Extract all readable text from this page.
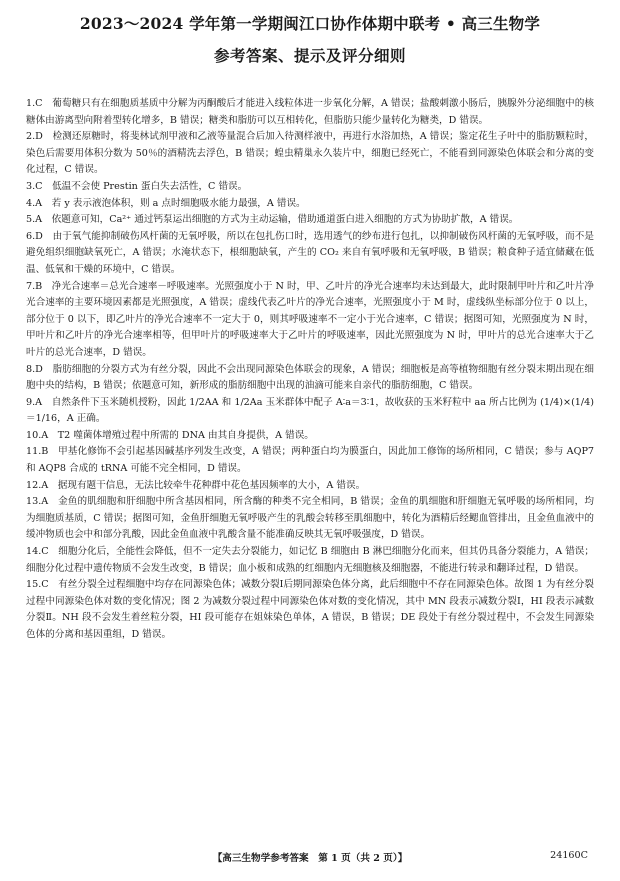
2023～2024 学年第一学期闽江口协作体期中联考 • 高三生物学
参考答案、提示及评分细则

1.C　葡萄糖只有在细胞质基质中分解为丙酮酸后才能进入线粒体进一步氧化分解，A 错误；盐酸刺激小肠后，胰腺外分泌细胞中的核糖体由游离型向附着型转化增多，B 错误；糖类和脂肪可以互相转化，但脂肪只能少量转化为糖类，D 错误。

2.D　检测还原糖时，将斐林试剂甲液和乙液等量混合后加入待测样液中，再进行水浴加热，A 错误；鉴定花生子叶中的脂肪颗粒时，染色后需要用体积分数为 50％的酒精洗去浮色，B 错误；蝗虫精巢永久装片中，细胞已经死亡，不能看到同源染色体联会和分离的变化过程，C 错误。

3.C　低温不会使 Prestin 蛋白失去活性，C 错误。

4.A　若 y 表示液泡体积，则 a 点时细胞吸水能力最强，A 错误。

5.A　依题意可知，Ca²⁺ 通过钙泵运出细胞的方式为主动运输，借助通道蛋白进入细胞的方式为协助扩散，A 错误。

6.D　由于氧气能抑制破伤风杆菌的无氧呼吸，所以在包扎伤口时，选用透气的纱布进行包扎，以抑制破伤风杆菌的无氧呼吸，而不是避免组织细胞缺氧死亡，A 错误；水淹状态下，根细胞缺氧，产生的 CO₂ 来自有氧呼吸和无氧呼吸，B 错误；粮食种子适宜储藏在低温、低氧和干燥的环境中，C 错误。

7.B　净光合速率＝总光合速率－呼吸速率。光照强度小于 N 时，甲、乙叶片的净光合速率均未达到最大，此时限制甲叶片和乙叶片净光合速率的主要环境因素都是光照强度，A 错误；虚线代表乙叶片的净光合速率，光照强度小于 M 时，虚线纵坐标部分位于 0 以上，部分位于 0 以下，即乙叶片的净光合速率不一定大于 0，则其呼吸速率不一定小于光合速率，C 错误；据图可知，光照强度为 N 时，甲叶片和乙叶片的净光合速率相等，但甲叶片的呼吸速率大于乙叶片的呼吸速率，因此光照强度为 N 时，甲叶片的总光合速率大于乙叶片的总光合速率，D 错误。

8.D　脂肪细胞的分裂方式为有丝分裂，因此不会出现同源染色体联会的现象，A 错误；细胞板是高等植物细胞有丝分裂末期出现在细胞中央的结构，B 错误；依题意可知，新形成的脂肪细胞中出现的油滴可能来自亲代的脂肪细胞，C 错误。

9.A　自然条件下玉米随机授粉，因此 1/2AA 和 1/2Aa 玉米群体中配子 A∶a＝3∶1，故收获的玉米籽粒中 aa 所占比例为 (1/4)×(1/4)＝1/16，A 正确。

10.A　T2 噬菌体增殖过程中所需的 DNA 由其自身提供，A 错误。

11.B　甲基化修饰不会引起基因碱基序列发生改变，A 错误；两种蛋白均为膜蛋白，因此加工修饰的场所相同，C 错误；参与 AQP7 和 AQP8 合成的 tRNA 可能不完全相同，D 错误。

12.A　据现有题干信息，无法比较牵牛花种群中花色基因频率的大小，A 错误。

13.A　金鱼的肌细胞和肝细胞中所含基因相同，所含酶的种类不完全相同，B 错误；金鱼的肌细胞和肝细胞无氧呼吸的场所相同，均为细胞质基质，C 错误；据图可知，金鱼肝细胞无氧呼吸产生的乳酸会转移至肌细胞中，转化为酒精后经鳃血管排出，且金鱼血液中的缓冲物质也会中和部分乳酸，因此金鱼血液中乳酸含量不能准确反映其无氧呼吸强度，D 错误。

14.C　细胞分化后，全能性会降低，但不一定失去分裂能力，如记忆 B 细胞由 B 淋巴细胞分化而来，但其仍具备分裂能力，A 错误；细胞分化过程中遗传物质不会发生改变，B 错误；血小板和成熟的红细胞内无细胞核及细胞器，不能进行转录和翻译过程，D 错误。

15.C　有丝分裂全过程细胞中均存在同源染色体；减数分裂Ⅰ后期同源染色体分离，此后细胞中不存在同源染色体。故图 1 为有丝分裂过程中同源染色体对数的变化情况；图 2 为减数分裂过程中同源染色体对数的变化情况，其中 MN 段表示减数分裂Ⅰ，HI 段表示减数分裂Ⅱ。NH 段不会发生着丝粒分裂，HI 段可能存在姐妹染色单体，A 错误，B 错误；DE 段处于有丝分裂过程中，不会发生同源染色体的分离和基因重组，D 错误。

【高三生物学参考答案　第 1 页（共 2 页）】	24160C
